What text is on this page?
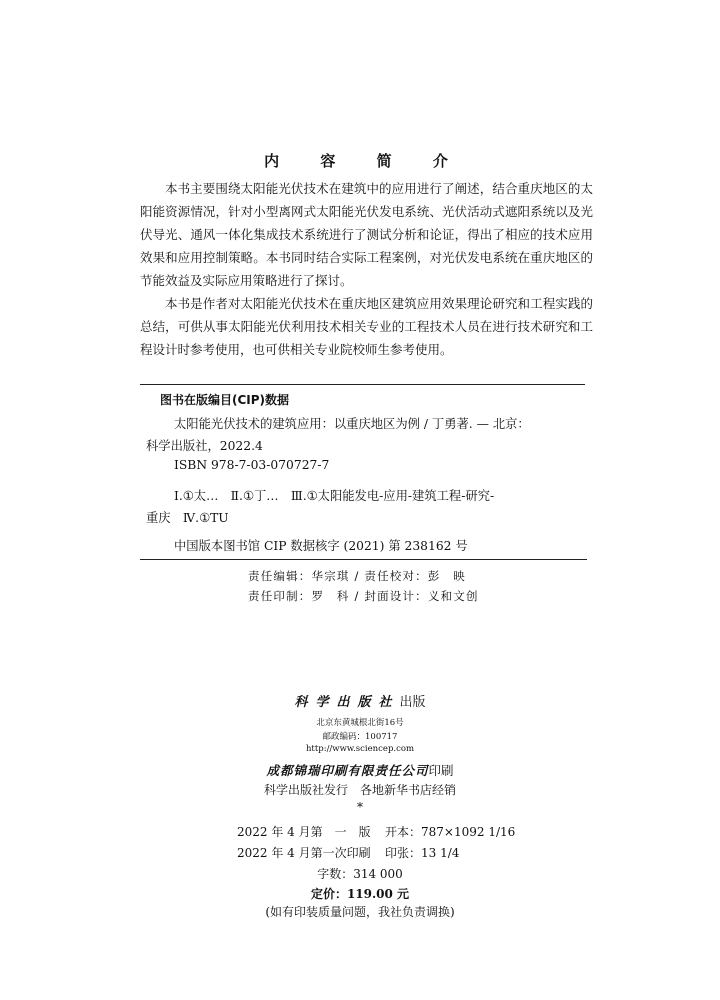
内 容 简 介

本书主要围绕太阳能光伏技术在建筑中的应用进行了阐述，结合重庆地区的太阳能资源情况，针对小型离网式太阳能光伏发电系统、光伏活动式遮阳系统以及光伏导光、通风一体化集成技术系统进行了测试分析和论证，得出了相应的技术应用效果和应用控制策略。本书同时结合实际工程案例，对光伏发电系统在重庆地区的节能效益及实际应用策略进行了探讨。

本书是作者对太阳能光伏技术在重庆地区建筑应用效果理论研究和工程实践的总结，可供从事太阳能光伏利用技术相关专业的工程技术人员在进行技术研究和工程设计时参考使用，也可供相关专业院校师生参考使用。

图书在版编目(CIP)数据
太阳能光伏技术的建筑应用：以重庆地区为例 / 丁勇著. — 北京：
科学出版社，2022.4
ISBN 978-7-03-070727-7
Ⅰ.①太…　Ⅱ.①丁…　Ⅲ.①太阳能发电-应用-建筑工程-研究-
重庆　Ⅳ.①TU
中国版本图书馆 CIP 数据核字 (2021) 第 238162 号
责任编辑：华宗琪 / 责任校对：彭　映
责任印制：罗　科 / 封面设计：义和文创
科学出版社出版
北京东黄城根北街16号
邮政编码：100717
http://www.sciencep.com
成都锦瑞印刷有限责任公司印刷
科学出版社发行　各地新华书店经销
*
2022 年 4 月第　一　版 开本：787×1092 1/16
2022 年 4 月第一次印刷 印张：13 1/4
字数：314 000
定价：119.00 元
(如有印装质量问题，我社负责调换)
